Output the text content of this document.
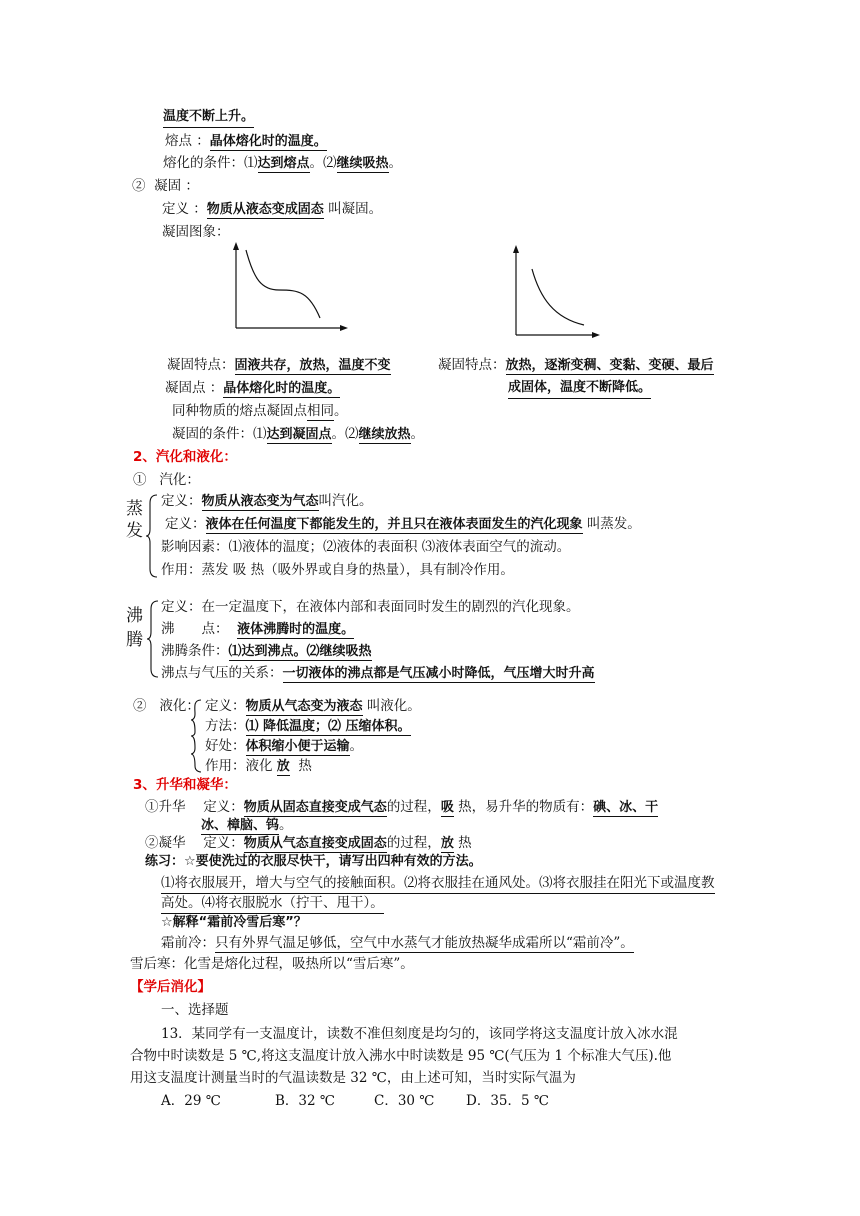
温度不断上升。
熔点 ：晶体熔化时的温度。
熔化的条件：⑴达到熔点。⑵继续吸热。
② 凝固 ：
定义 ：物质从液态变成固态 叫凝固。
凝固图象：
凝固特点：固液共存，放热，温度不变	凝固特点：放热，逐渐变稠、变黏、变硬、最后
成固体，温度不断降低。
凝固点 ：晶体熔化时的温度。
同种物质的熔点凝固点相同。
凝固的条件：⑴达到凝固点。⑵继续放热。
2、汽化和液化：
① 汽化：
蒸
发
定义：物质从液态变为气态叫汽化。
定义：液体在任何温度下都能发生的，并且只在液体表面发生的汽化现象 叫蒸发。
影响因素：⑴液体的温度；⑵液体的表面积 ⑶液体表面空气的流动。
作用：蒸发 吸 热（吸外界或自身的热量），具有制冷作用。
沸
腾
定义：在一定温度下，在液体内部和表面同时发生的剧烈的汽化现象。
沸　　点： 液体沸腾时的温度。
沸腾条件：⑴达到沸点。⑵继续吸热
沸点与气压的关系：一切液体的沸点都是气压减小时降低，气压增大时升高
② 液化： 定义：物质从气态变为液态 叫液化。
方法：⑴ 降低温度；⑵ 压缩体积。
好处：体积缩小便于运输。
作用：液化 放 热
3、升华和凝华：
①升华　 定义：物质从固态直接变成气态的过程，吸 热，易升华的物质有：碘、冰、干
冰、樟脑、钨。
②凝华　 定义：物质从气态直接变成固态的过程，放 热
练习：☆要使洗过的衣服尽快干，请写出四种有效的方法。
⑴将衣服展开，增大与空气的接触面积。⑵将衣服挂在通风处。⑶将衣服挂在阳光下或温度教
高处。⑷将衣服脱水（拧干、甩干）。
☆解释“霜前冷雪后寒”？
霜前冷：只有外界气温足够低，空气中水蒸气才能放热凝华成霜所以“霜前冷”。
雪后寒：化雪是熔化过程，吸热所以“雪后寒”。
【学后消化】
一、选择题
13．某同学有一支温度计，读数不准但刻度是均匀的，该同学将这支温度计放入冰水混
合物中时读数是 5 ℃,将这支温度计放入沸水中时读数是 95 ℃(气压为 1 个标准大气压).他
用这支温度计测量当时的气温读数是 32 ℃，由上述可知，当时实际气温为
A．29 ℃	B．32 ℃	C．30 ℃ D．35．5 ℃
